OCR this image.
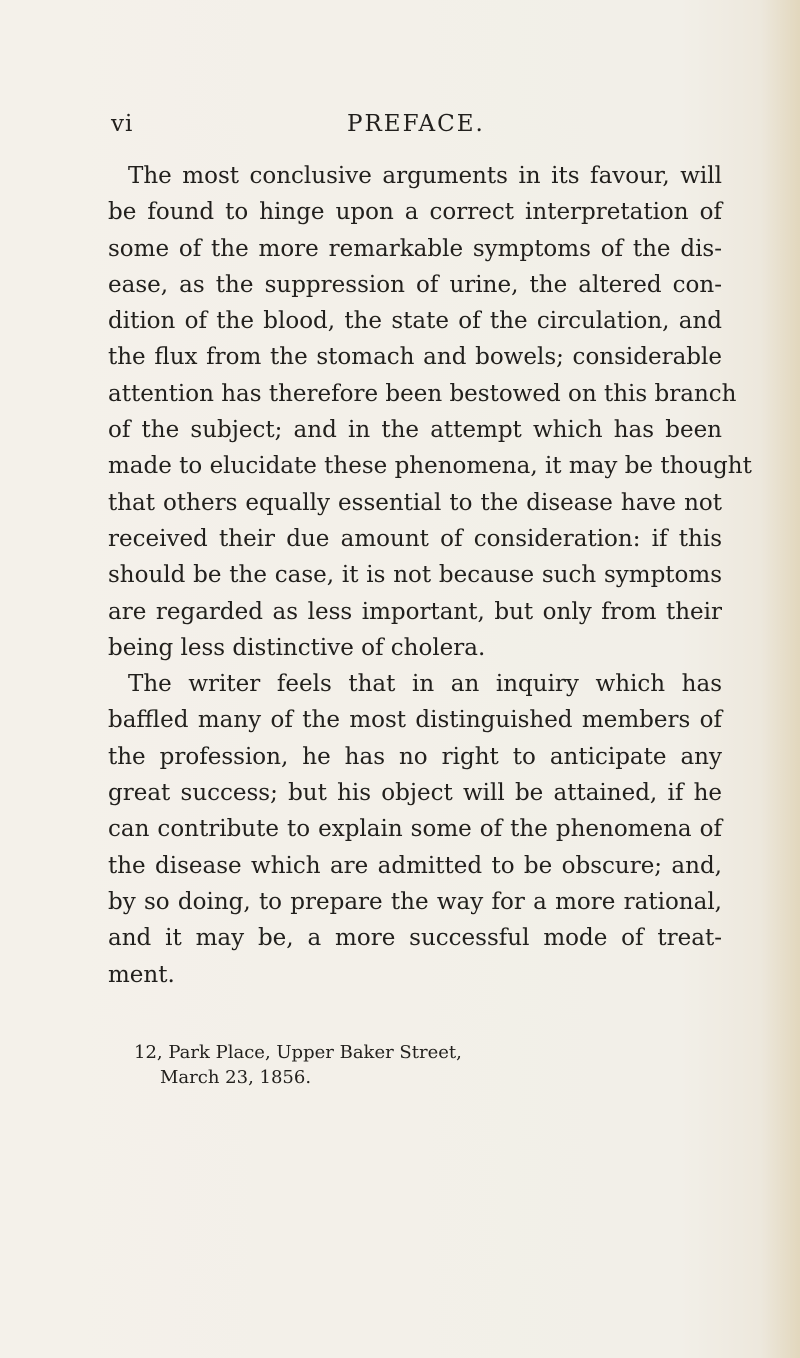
vi	PREFACE.
The most conclusive arguments in its favour, will
be found to hinge upon a correct interpretation of
some of the more remarkable symptoms of the dis-
ease, as the suppression of urine, the altered con-
dition of the blood, the state of the circulation, and
the flux from the stomach and bowels; considerable
attention has therefore been bestowed on this branch
of the subject; and in the attempt which has been
made to elucidate these phenomena, it may be thought
that others equally essential to the disease have not
received their due amount of consideration: if this
should be the case, it is not because such symptoms
are regarded as less important, but only from their
being less distinctive of cholera.
The writer feels that in an inquiry which has
baffled many of the most distinguished members of
the profession, he has no right to anticipate any
great success; but his object will be attained, if he
can contribute to explain some of the phenomena of
the disease which are admitted to be obscure; and,
by so doing, to prepare the way for a more rational,
and it may be, a more successful mode of treat-
ment.
12, Park Place, Upper Baker Street,
March 23, 1856.
